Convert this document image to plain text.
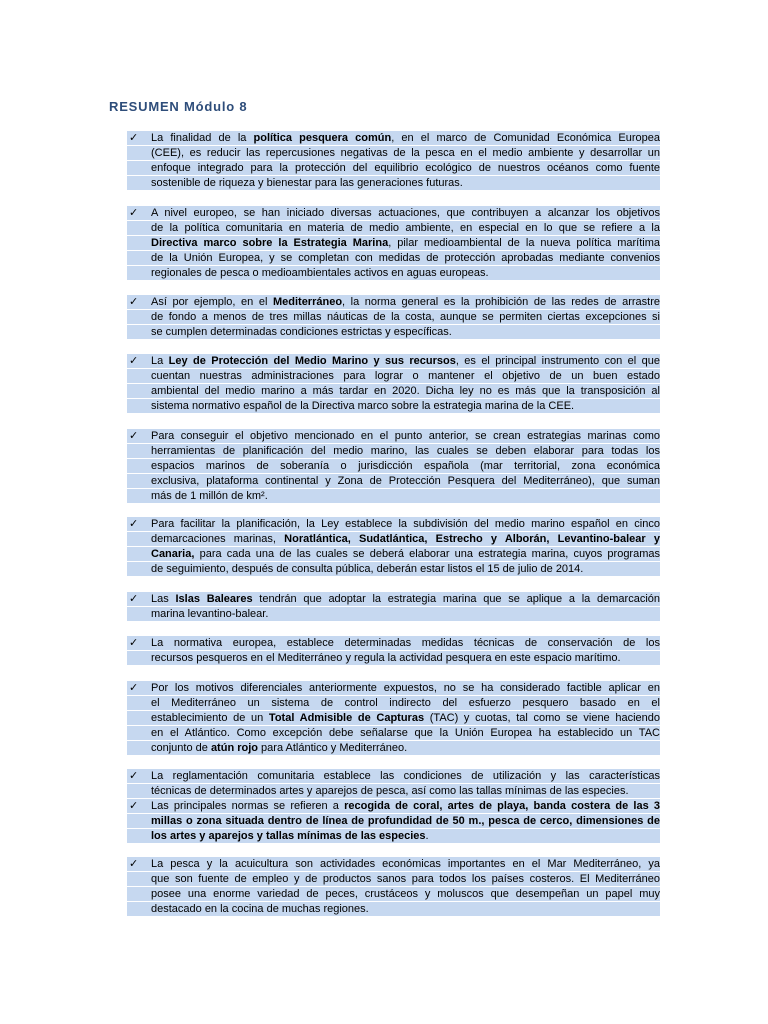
RESUMEN Módulo 8
✓ La finalidad de la política pesquera común, en el marco de Comunidad Económica Europea
(CEE), es reducir las repercusiones negativas de la pesca en el medio ambiente y desarrollar un
enfoque integrado para la protección del equilibrio ecológico de nuestros océanos como fuente
sostenible de riqueza y bienestar para las generaciones futuras.
✓ A nivel europeo, se han iniciado diversas actuaciones, que contribuyen a alcanzar los objetivos
de la política comunitaria en materia de medio ambiente, en especial en lo que se refiere a la
Directiva marco sobre la Estrategia Marina, pilar medioambiental de la nueva política marítima
de la Unión Europea, y se completan con medidas de protección aprobadas mediante convenios
regionales de pesca o medioambientales activos en aguas europeas.
✓ Así por ejemplo, en el Mediterráneo, la norma general es la prohibición de las redes de arrastre
de fondo a menos de tres millas náuticas de la costa, aunque se permiten ciertas excepciones si
se cumplen determinadas condiciones estrictas y específicas.
✓ La Ley de Protección del Medio Marino y sus recursos, es el principal instrumento con el que
cuentan nuestras administraciones para lograr o mantener el objetivo de un buen estado
ambiental del medio marino a más tardar en 2020. Dicha ley no es más que la transposición al
sistema normativo español de la Directiva marco sobre la estrategia marina de la CEE.
✓ Para conseguir el objetivo mencionado en el punto anterior, se crean estrategias marinas como
herramientas de planificación del medio marino, las cuales se deben elaborar para todas los
espacios marinos de soberanía o jurisdicción española (mar territorial, zona económica
exclusiva, plataforma continental y Zona de Protección Pesquera del Mediterráneo), que suman
más de 1 millón de km².
✓ Para facilitar la planificación, la Ley establece la subdivisión del medio marino español en cinco
demarcaciones marinas, Noratlántica, Sudatlántica, Estrecho y Alborán, Levantino-balear y
Canaria, para cada una de las cuales se deberá elaborar una estrategia marina, cuyos programas
de seguimiento, después de consulta pública, deberán estar listos el 15 de julio de 2014.
✓ Las Islas Baleares tendrán que adoptar la estrategia marina que se aplique a la demarcación
marina levantino-balear.
✓ La normativa europea, establece determinadas medidas técnicas de conservación de los
recursos pesqueros en el Mediterráneo y regula la actividad pesquera en este espacio marítimo.
✓ Por los motivos diferenciales anteriormente expuestos, no se ha considerado factible aplicar en
el Mediterráneo un sistema de control indirecto del esfuerzo pesquero basado en el
establecimiento de un Total Admisible de Capturas (TAC) y cuotas, tal como se viene haciendo
en el Atlántico. Como excepción debe señalarse que la Unión Europea ha establecido un TAC
conjunto de atún rojo para Atlántico y Mediterráneo.
✓ La reglamentación comunitaria establece las condiciones de utilización y las características
técnicas de determinados artes y aparejos de pesca, así como las tallas mínimas de las especies.
✓ Las principales normas se refieren a recogida de coral, artes de playa, banda costera de las 3
millas o zona situada dentro de línea de profundidad de 50 m., pesca de cerco, dimensiones de
los artes y aparejos y tallas mínimas de las especies.
✓ La pesca y la acuicultura son actividades económicas importantes en el Mar Mediterráneo, ya
que son fuente de empleo y de productos sanos para todos los países costeros. El Mediterráneo
posee una enorme variedad de peces, crustáceos y moluscos que desempeñan un papel muy
destacado en la cocina de muchas regiones.
